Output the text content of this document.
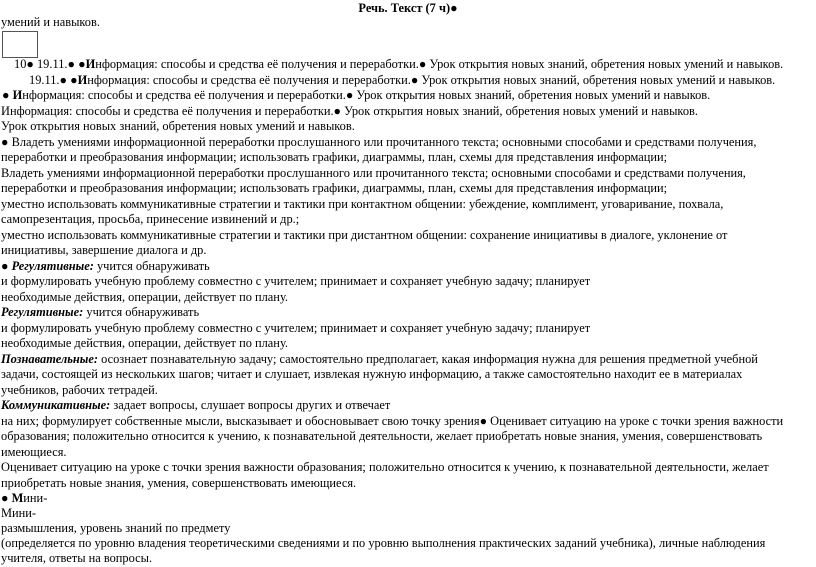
Речь. Текст (7 ч)●
умений и навыков.
10● 19.11.● ●Информация: способы и средства её получения и переработки.● Урок открытия новых знаний, обретения новых умений и навыков.
19.11.● ●Информация: способы и средства её получения и переработки.● Урок открытия новых знаний, обретения новых умений и навыков.
● Информация: способы и средства её получения и переработки.● Урок открытия новых знаний, обретения новых умений и навыков.
Информация: способы и средства её получения и переработки.● Урок открытия новых знаний, обретения новых умений и навыков.
Урок открытия новых знаний, обретения новых умений и навыков.
● Владеть умениями информационной переработки прослушанного или прочитанного текста; основными способами и средствами получения,
переработки и преобразования информации; использовать графики, диаграммы, план, схемы для представления информации;
Владеть умениями информационной переработки прослушанного или прочитанного текста; основными способами и средствами получения,
переработки и преобразования информации; использовать графики, диаграммы, план, схемы для представления информации;
уместно использовать коммуникативные стратегии и тактики при контактном общении: убеждение, комплимент, уговаривание, похвала,
самопрезентация, просьба, принесение извинений и др.;
уместно использовать коммуникативные стратегии и тактики при дистантном общении: сохранение инициативы в диалоге, уклонение от
инициативы, завершение диалога и др.
● Регулятивные: учится обнаруживать
и формулировать учебную проблему совместно с учителем; принимает и сохраняет учебную задачу; планирует
необходимые действия, операции, действует по плану.
Регулятивные: учится обнаруживать
и формулировать учебную проблему совместно с учителем; принимает и сохраняет учебную задачу; планирует
необходимые действия, операции, действует по плану.
Познавательные: осознает познавательную задачу; самостоятельно предполагает, какая информация нужна для решения предметной учебной
задачи, состоящей из нескольких шагов; читает и слушает, извлекая нужную информацию, а также самостоятельно находит ее в материалах
учебников, рабочих тетрадей.
Коммуникативные: задает вопросы, слушает вопросы других и отвечает
на них; формулирует собственные мысли, высказывает и обосновывает свою точку зрения● Оценивает ситуацию на уроке с точки зрения важности
образования; положительно относится к учению, к познавательной деятельности, желает приобретать новые знания, умения, совершенствовать
имеющиеся.
Оценивает ситуацию на уроке с точки зрения важности образования; положительно относится к учению, к познавательной деятельности, желает
приобретать новые знания, умения, совершенствовать имеющиеся.
● Мини-
Мини-
размышления, уровень знаний по предмету
(определяется по уровню владения теоретическими сведениями и по уровню выполнения практических заданий учебника), личные наблюдения
учителя, ответы на вопросы.
